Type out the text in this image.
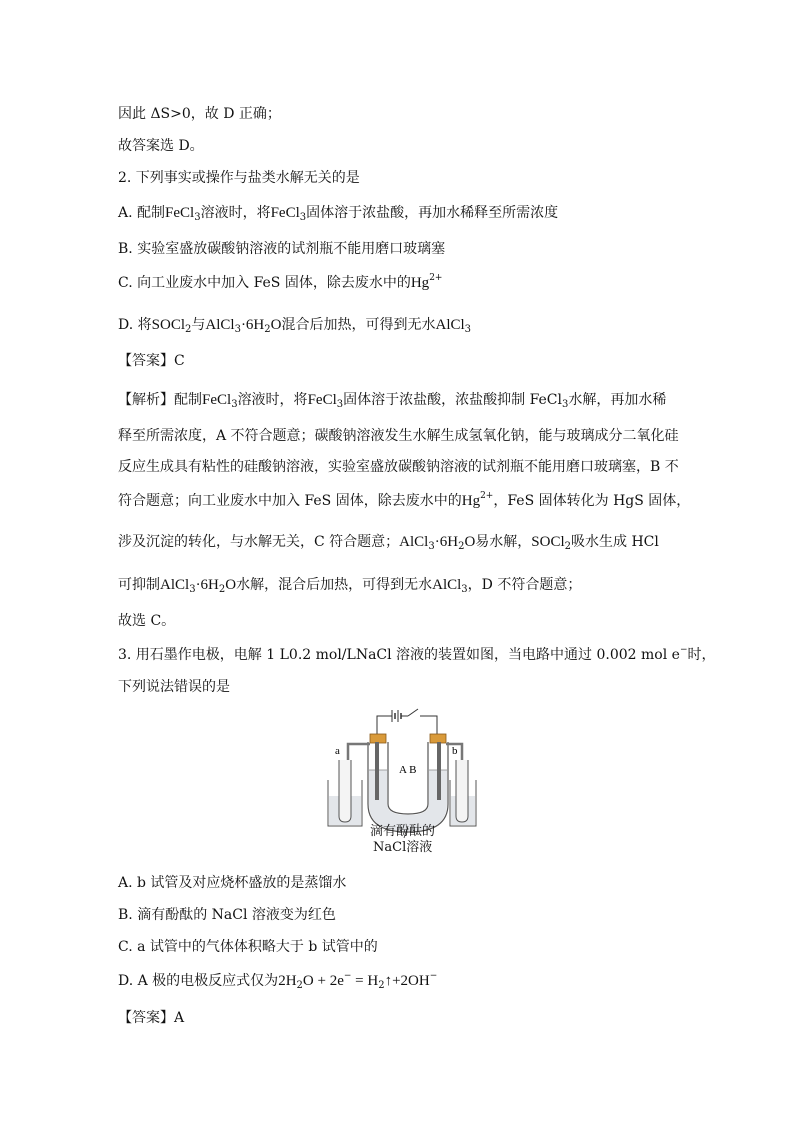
因此 ΔS>0，故 D 正确；
故答案选 D。
2. 下列事实或操作与盐类水解无关的是
A. 配制FeCl$_3$溶液时，将FeCl$_3$固体溶于浓盐酸，再加水稀释至所需浓度
B. 实验室盛放碳酸钠溶液的试剂瓶不能用磨口玻璃塞
C. 向工业废水中加入 FeS 固体，除去废水中的$Hg^{2+}$
D. 将SOCl$_2$与$AlCl_3\cdot 6H_2O$混合后加热，可得到无水AlCl$_3$
【答案】C
【解析】配制FeCl$_3$溶液时，将FeCl$_3$固体溶于浓盐酸，浓盐酸抑制 FeCl$_3$水解，再加水稀
释至所需浓度，A 不符合题意；碳酸钠溶液发生水解生成氢氧化钠，能与玻璃成分二氧化硅
反应生成具有粘性的硅酸钠溶液，实验室盛放碳酸钠溶液的试剂瓶不能用磨口玻璃塞，B 不
符合题意；向工业废水中加入 FeS 固体，除去废水中的$Hg^{2+}$，FeS 固体转化为 HgS 固体，
涉及沉淀的转化，与水解无关，C 符合题意；$AlCl_3\cdot 6H_2O$易水解，SOCl$_2$吸水生成 HCl
可抑制$AlCl_3\cdot 6H_2O$水解，混合后加热，可得到无水AlCl$_3$，D 不符合题意；
故选 C。
3. 用石墨作电极，电解 1 L0.2 mol/LNaCl 溶液的装置如图，当电路中通过 0.002 mol e−时，
下列说法错误的是
a	b
A B
滴有酚酞的
NaCl溶液
A. b 试管及对应烧杯盛放的是蒸馏水
B. 滴有酚酞的 NaCl 溶液变为红色
C. a 试管中的气体体积略大于 b 试管中的
D. A 极的电极反应式仅为$2H_2O + 2e^-$ = $H_2↑+2OH^-$
【答案】A
